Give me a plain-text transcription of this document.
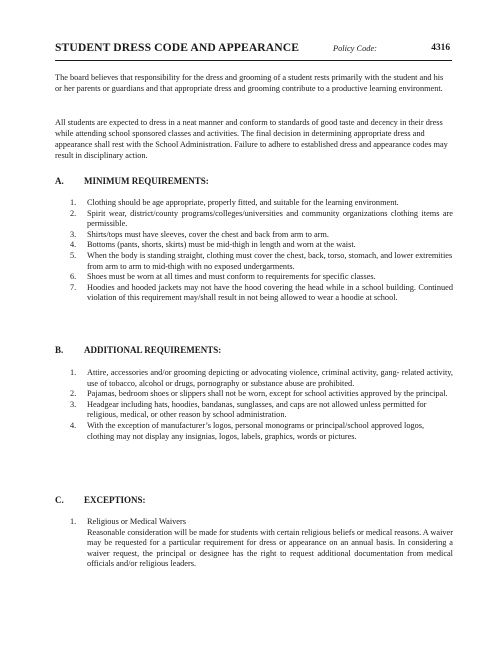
STUDENT DRESS CODE AND APPEARANCE	Policy Code:	4316

The board believes that responsibility for the dress and grooming of a student rests primarily with the student and his or her parents or guardians and that appropriate dress and grooming contribute to a productive learning environment.

All students are expected to dress in a neat manner and conform to standards of good taste and decency in their dress while attending school sponsored classes and activities. The final decision in determining appropriate dress and appearance shall rest with the School Administration. Failure to adhere to established dress and appearance codes may result in disciplinary action.

A. MINIMUM REQUIREMENTS:
1. Clothing should be age appropriate, properly fitted, and suitable for the learning environment.
2. Spirit wear, district/county programs/colleges/universities and community organizations clothing items are permissible.
3. Shirts/tops must have sleeves, cover the chest and back from arm to arm.
4. Bottoms (pants, shorts, skirts) must be mid-thigh in length and worn at the waist.
5. When the body is standing straight, clothing must cover the chest, back, torso, stomach, and lower extremities from arm to arm to mid-thigh with no exposed undergarments.
6. Shoes must be worn at all times and must conform to requirements for specific classes.
7. Hoodies and hooded jackets may not have the hood covering the head while in a school building. Continued violation of this requirement may/shall result in not being allowed to wear a hoodie at school.
B. ADDITIONAL REQUIREMENTS:
1. Attire, accessories and/or grooming depicting or advocating violence, criminal activity, gang- related activity, use of tobacco, alcohol or drugs, pornography or substance abuse are prohibited.
2. Pajamas, bedroom shoes or slippers shall not be worn, except for school activities approved by the principal.
3. Headgear including hats, hoodies, bandanas, sunglasses, and caps are not allowed unless permitted for religious, medical, or other reason by school administration.
4. With the exception of manufacturer’s logos, personal monograms or principal/school approved logos, clothing may not display any insignias, logos, labels, graphics, words or pictures.
C. EXCEPTIONS:
1. Religious or Medical Waivers
Reasonable consideration will be made for students with certain religious beliefs or medical reasons. A waiver may be requested for a particular requirement for dress or appearance on an annual basis. In considering a waiver request, the principal or designee has the right to request additional documentation from medical officials and/or religious leaders.
